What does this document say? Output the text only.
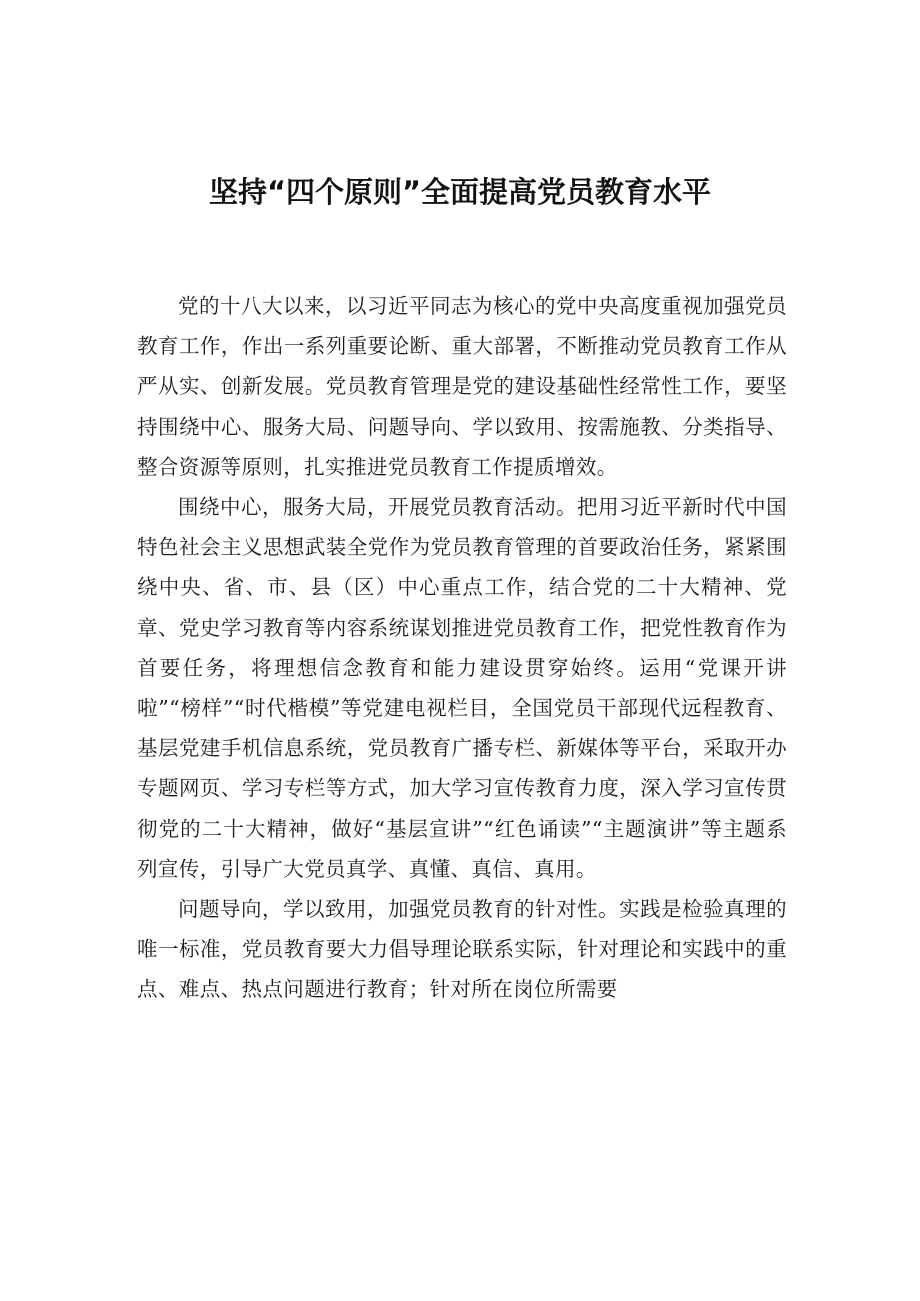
坚持“四个原则”全面提高党员教育水平

党的十八大以来，以习近平同志为核心的党中央高度重视加强党员教育工作，作出一系列重要论断、重大部署，不断推动党员教育工作从严从实、创新发展。党员教育管理是党的建设基础性经常性工作，要坚持围绕中心、服务大局、问题导向、学以致用、按需施教、分类指导、整合资源等原则，扎实推进党员教育工作提质增效。

围绕中心，服务大局，开展党员教育活动。把用习近平新时代中国特色社会主义思想武装全党作为党员教育管理的首要政治任务，紧紧围绕中央、省、市、县（区）中心重点工作，结合党的二十大精神、党章、党史学习教育等内容系统谋划推进党员教育工作，把党性教育作为首要任务，将理想信念教育和能力建设贯穿始终。运用“党课开讲啦”“榜样”“时代楷模”等党建电视栏目，全国党员干部现代远程教育、基层党建手机信息系统，党员教育广播专栏、新媒体等平台，采取开办专题网页、学习专栏等方式，加大学习宣传教育力度，深入学习宣传贯彻党的二十大精神，做好“基层宣讲”“红色诵读”“主题演讲”等主题系列宣传，引导广大党员真学、真懂、真信、真用。

问题导向，学以致用，加强党员教育的针对性。实践是检验真理的唯一标准，党员教育要大力倡导理论联系实际，针对理论和实践中的重点、难点、热点问题进行教育；针对所在岗位所需要
